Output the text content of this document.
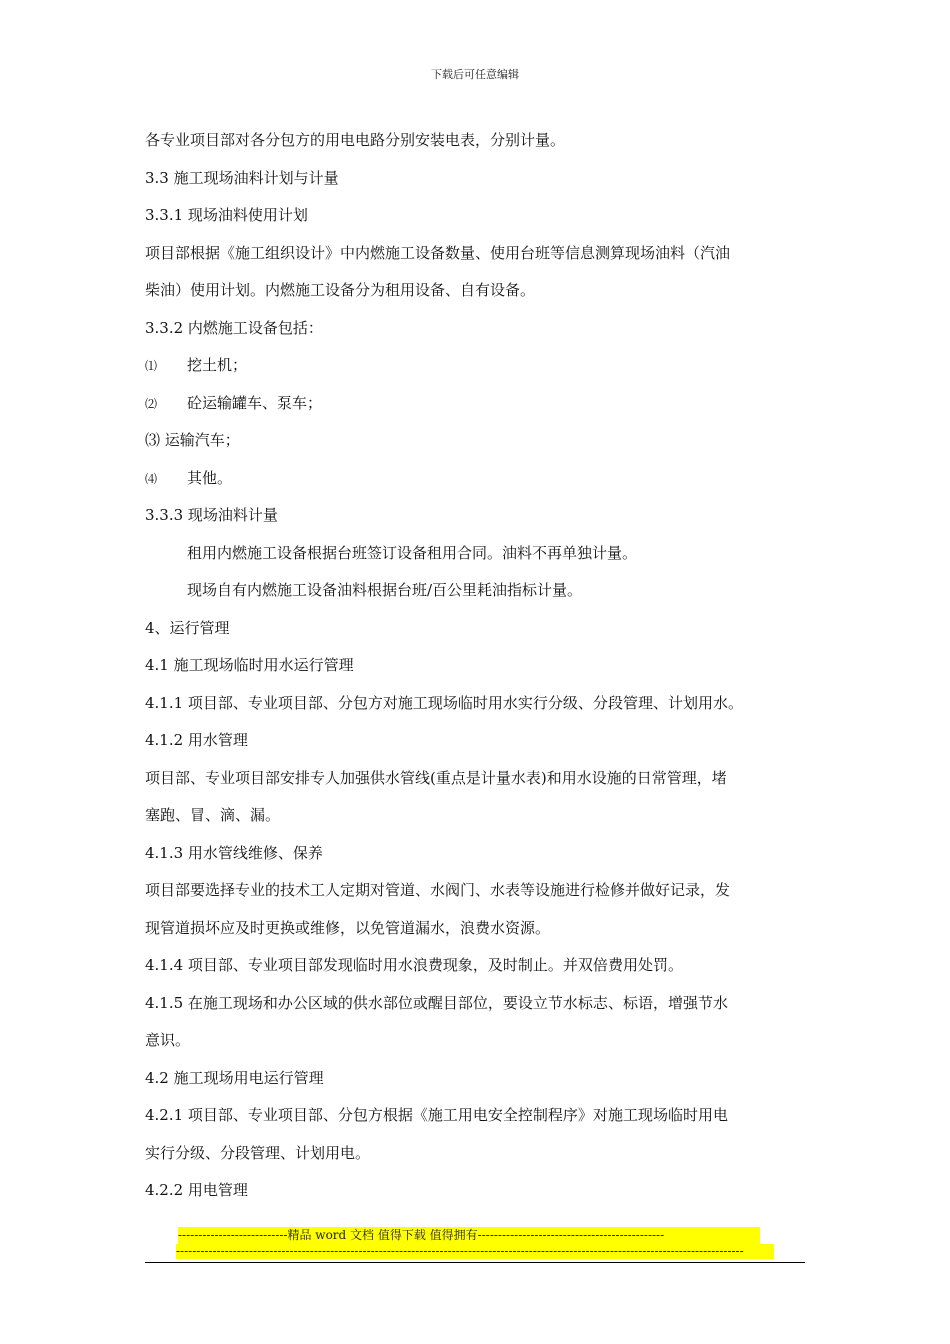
下载后可任意编辑
各专业项目部对各分包方的用电电路分别安装电表，分别计量。
3.3 施工现场油料计划与计量
3.3.1 现场油料使用计划
项目部根据《施工组织设计》中内燃施工设备数量、使用台班等信息测算现场油料（汽油
柴油）使用计划。内燃施工设备分为租用设备、自有设备。
3.3.2 内燃施工设备包括：
⑴ 挖土机；
⑵ 砼运输罐车、泵车；
⑶ 运输汽车；
⑷ 其他。
3.3.3 现场油料计量
租用内燃施工设备根据台班签订设备租用合同。油料不再单独计量。
现场自有内燃施工设备油料根据台班/百公里耗油指标计量。
4、运行管理
4.1 施工现场临时用水运行管理
4.1.1 项目部、专业项目部、分包方对施工现场临时用水实行分级、分段管理、计划用水。
4.1.2 用水管理
项目部、专业项目部安排专人加强供水管线(重点是计量水表)和用水设施的日常管理，堵
塞跑、冒、滴、漏。
4.1.3 用水管线维修、保养
项目部要选择专业的技术工人定期对管道、水阀门、水表等设施进行检修并做好记录，发
现管道损坏应及时更换或维修，以免管道漏水，浪费水资源。
4.1.4 项目部、专业项目部发现临时用水浪费现象，及时制止。并双倍费用处罚。
4.1.5 在施工现场和办公区域的供水部位或醒目部位，要设立节水标志、标语，增强节水
意识。
4.2 施工现场用电运行管理
4.2.1 项目部、专业项目部、分包方根据《施工用电安全控制程序》对施工现场临时用电
实行分级、分段管理、计划用电。
4.2.2 用电管理
---------------------------精品 word 文档 值得下载 值得拥有----------------------------------------------
--------------------------------------------------------------------------------------------------------------------------------------------
